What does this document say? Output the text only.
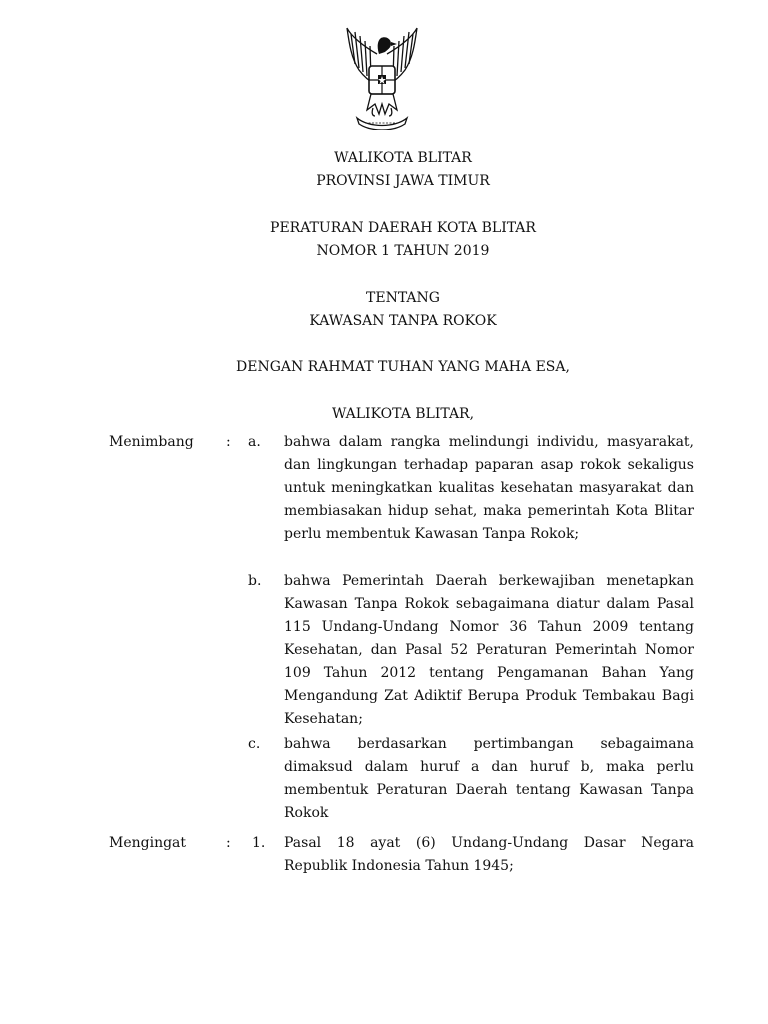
WALIKOTA BLITAR
PROVINSI JAWA TIMUR
PERATURAN DAERAH KOTA BLITAR
NOMOR 1 TAHUN 2019
TENTANG
KAWASAN TANPA ROKOK
DENGAN RAHMAT TUHAN YANG MAHA ESA,
WALIKOTA BLITAR,
Menimbang : a. bahwa dalam rangka melindungi individu, masyarakat, dan lingkungan terhadap paparan asap rokok sekaligus untuk meningkatkan kualitas kesehatan masyarakat dan membiasakan hidup sehat, maka pemerintah Kota Blitar perlu membentuk Kawasan Tanpa Rokok;
b. bahwa Pemerintah Daerah berkewajiban menetapkan Kawasan Tanpa Rokok sebagaimana diatur dalam Pasal 115 Undang-Undang Nomor 36 Tahun 2009 tentang Kesehatan, dan Pasal 52 Peraturan Pemerintah Nomor 109 Tahun 2012 tentang Pengamanan Bahan Yang Mengandung Zat Adiktif Berupa Produk Tembakau Bagi Kesehatan;
c. bahwa berdasarkan pertimbangan sebagaimana dimaksud dalam huruf a dan huruf b, maka perlu membentuk Peraturan Daerah tentang Kawasan Tanpa Rokok
Mengingat	: 1. Pasal 18 ayat (6) Undang-Undang Dasar Negara Republik Indonesia Tahun 1945;
